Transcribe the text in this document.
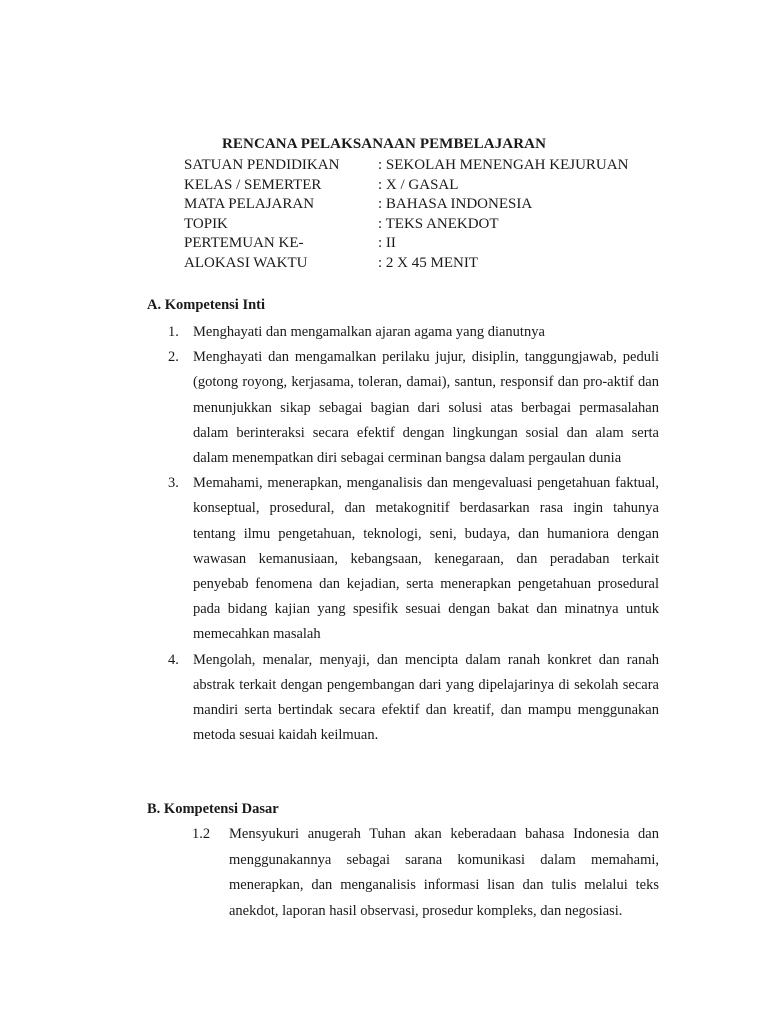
RENCANA PELAKSANAAN PEMBELAJARAN
SATUAN PENDIDIKAN	: SEKOLAH MENENGAH KEJURUAN
KELAS / SEMERTER	: X / GASAL
MATA PELAJARAN	: BAHASA INDONESIA
TOPIK	: TEKS ANEKDOT
PERTEMUAN KE-	: II
ALOKASI WAKTU	: 2 X 45 MENIT
A. Kompetensi Inti
1. Menghayati dan mengamalkan ajaran agama yang dianutnya
2. Menghayati dan mengamalkan perilaku jujur, disiplin, tanggungjawab, peduli (gotong royong, kerjasama, toleran, damai), santun, responsif dan pro-aktif dan menunjukkan sikap sebagai bagian dari solusi atas berbagai permasalahan dalam berinteraksi secara efektif dengan lingkungan sosial dan alam serta dalam menempatkan diri sebagai cerminan bangsa dalam pergaulan dunia
3. Memahami, menerapkan, menganalisis dan mengevaluasi pengetahuan faktual, konseptual, prosedural, dan metakognitif berdasarkan rasa ingin tahunya tentang ilmu pengetahuan, teknologi, seni, budaya, dan humaniora dengan wawasan kemanusiaan, kebangsaan, kenegaraan, dan peradaban terkait penyebab fenomena dan kejadian, serta menerapkan pengetahuan prosedural pada bidang kajian yang spesifik sesuai dengan bakat dan minatnya untuk memecahkan masalah
4. Mengolah, menalar, menyaji, dan mencipta dalam ranah konkret dan ranah abstrak terkait dengan pengembangan dari yang dipelajarinya di sekolah secara mandiri serta bertindak secara efektif dan kreatif, dan mampu menggunakan metoda sesuai kaidah keilmuan.
B. Kompetensi Dasar
1.2 Mensyukuri anugerah Tuhan akan keberadaan bahasa Indonesia dan menggunakannya sebagai sarana komunikasi dalam memahami, menerapkan, dan menganalisis informasi lisan dan tulis melalui teks anekdot, laporan hasil observasi, prosedur kompleks, dan negosiasi.
